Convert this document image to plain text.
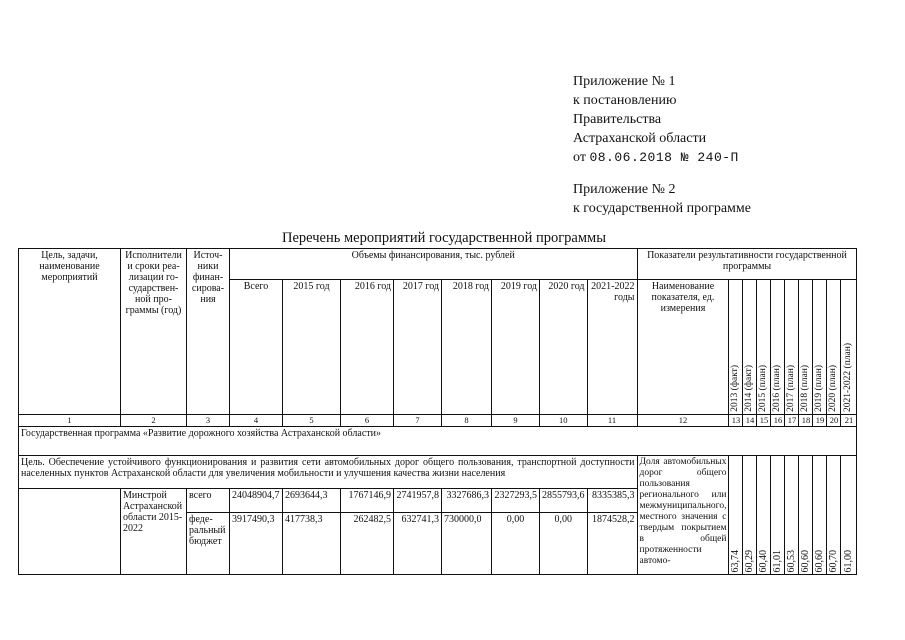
Приложение № 1
к постановлению
Правительства
Астраханской области
от 08.06.2018 № 240-П
Приложение № 2
к государственной программе
Перечень мероприятий государственной программы
Цель, задачи, наименование мероприятий	Исполнители и сроки реа-лизации го-сударствен-ной про-граммы (год)	Источ-ники финан-сирова-ния	Объемы финансирования, тыс. рублей								Показатели результативности государственной программы									
			Всего	2015 год	2016 год	2017 год	2018 год	2019 год	2020 год	2021-2022 годы	Наименование показателя, ед. измерения	2013 (факт)	2014 (факт)	2015 (план)	2016 (план)	2017 (план)	2018 (план)	2019 (план)	2020 (план)	2021-2022 (план)

1	2	3	4	5	6	7	8	9	10	11	12	13	14	15	16	17	18	19	20	21
Государственная программа «Развитие дорожного хозяйства Астраханской области»																				
Цель. Обеспечение устойчивого функционирования и развития сети автомобильных дорог общего пользования, транспортной доступности населенных пунктов Астраханской области для увеличения мобильности и улучшения качества жизни населения											Доля автомобильных дорог общего пользования регионального или межмуниципального, местного значения с твердым покрытием в общей протяженности автомо-	63,74	60,29	60,40	61,01	60,53	60,60	60,60	60,70	61,00

	Минстрой Астраханской области 2015-2022	всего	24048904,7	2693644,3	1767146,9	2741957,8	3327686,3	2327293,5	2855793,6	8335385,3										
		феде-ральный бюджет	3917490,3	417738,3	262482,5	632741,3	730000,0	0,00	0,00	1874528,2										
